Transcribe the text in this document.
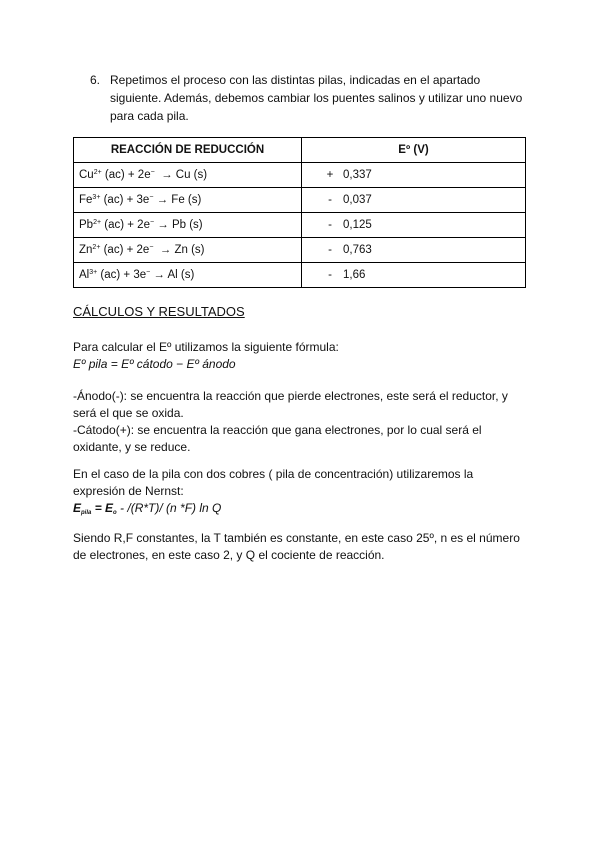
6. Repetimos el proceso con las distintas pilas, indicadas en el apartado siguiente. Además, debemos cambiar los puentes salinos y utilizar uno nuevo para cada pila.
REACCIÓN DE REDUCCIÓN	Eº (V)
$Cu^{2+}$ (ac) + 2e−  → Cu (s)	+ 0,337
$Fe^{3+}$ (ac) + 3e− → Fe (s)	- 0,037
$Pb^{2+}$ (ac) + 2e− → Pb (s)	- 0,125
$Zn^{2+}$ (ac) + 2e−  → Zn (s)	- 0,763
$Al^{3+}$ (ac) + 3e− → Al (s)	- 1,66
CÁLCULOS Y RESULTADOS
Para calcular el Eº utilizamos la siguiente fórmula:
Eº pila = Eº cátodo − Eº ánodo
-Ánodo(-): se encuentra la reacción que pierde electrones, este será el reductor, y será el que se oxida.
-Cátodo(+): se encuentra la reacción que gana electrones, por lo cual será el oxidante, y se reduce.
En el caso de la pila con dos cobres ( pila de concentración) utilizaremos la expresión de Nernst:
$E_{pila} = E_o - /(R*T)/$ (n *F) ln Q
Siendo R,F constantes, la T también es constante, en este caso 25º, n es el número de electrones, en este caso 2, y Q el cociente de reacción.
